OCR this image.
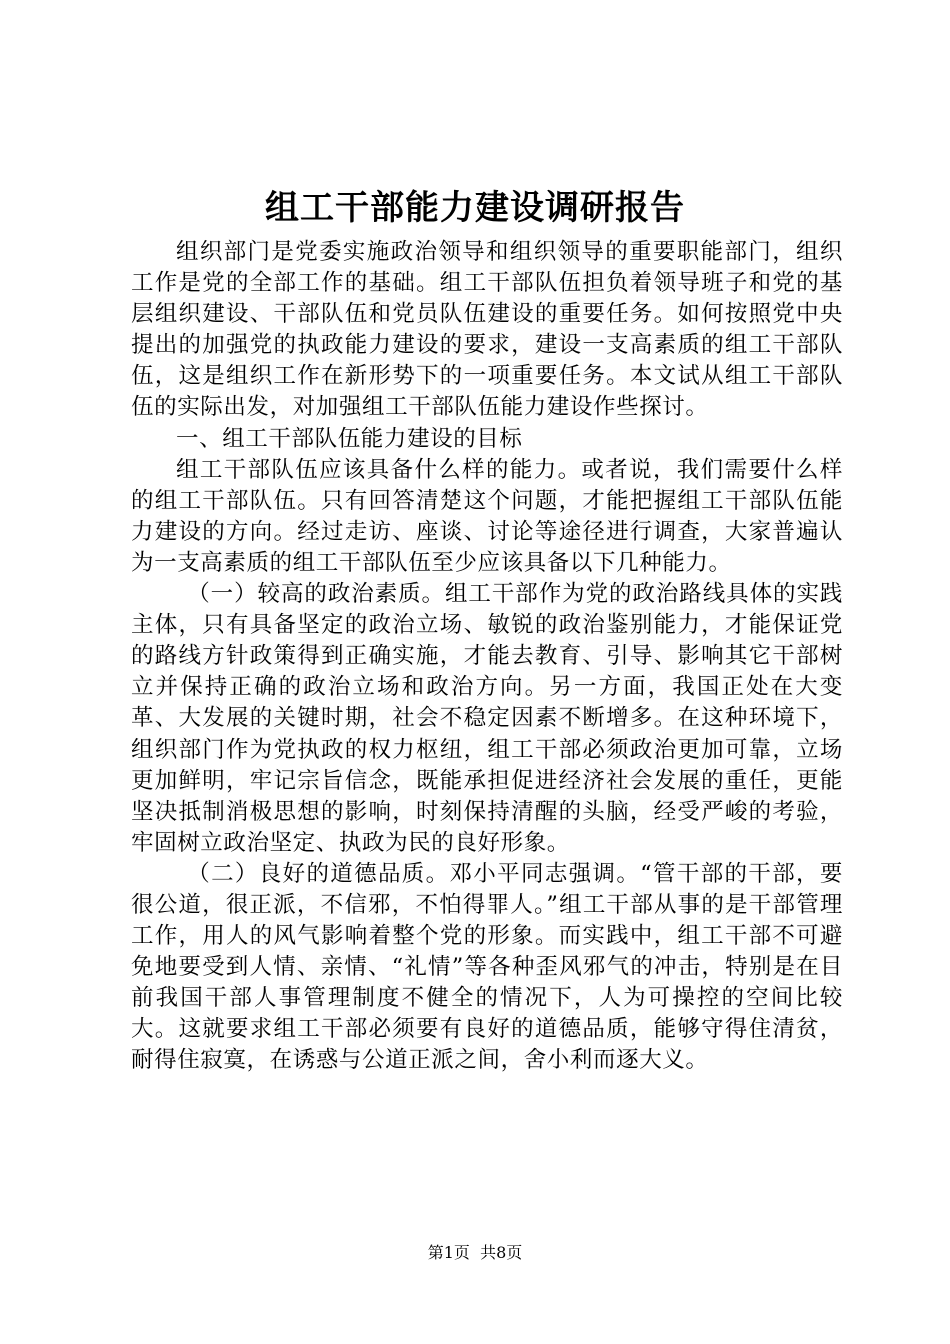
组工干部能力建设调研报告

组织部门是党委实施政治领导和组织领导的重要职能部门，组织工作是党的全部工作的基础。组工干部队伍担负着领导班子和党的基层组织建设、干部队伍和党员队伍建设的重要任务。如何按照党中央提出的加强党的执政能力建设的要求，建设一支高素质的组工干部队伍，这是组织工作在新形势下的一项重要任务。本文试从组工干部队伍的实际出发，对加强组工干部队伍能力建设作些探讨。

一、组工干部队伍能力建设的目标

组工干部队伍应该具备什么样的能力。或者说，我们需要什么样的组工干部队伍。只有回答清楚这个问题，才能把握组工干部队伍能力建设的方向。经过走访、座谈、讨论等途径进行调查，大家普遍认为一支高素质的组工干部队伍至少应该具备以下几种能力。

（一）较高的政治素质。组工干部作为党的政治路线具体的实践主体，只有具备坚定的政治立场、敏锐的政治鉴别能力，才能保证党的路线方针政策得到正确实施，才能去教育、引导、影响其它干部树立并保持正确的政治立场和政治方向。另一方面，我国正处在大变革、大发展的关键时期，社会不稳定因素不断增多。在这种环境下，组织部门作为党执政的权力枢纽，组工干部必须政治更加可靠，立场更加鲜明，牢记宗旨信念，既能承担促进经济社会发展的重任，更能坚决抵制消极思想的影响，时刻保持清醒的头脑，经受严峻的考验，牢固树立政治坚定、执政为民的良好形象。

（二）良好的道德品质。邓小平同志强调。“管干部的干部，要很公道，很正派，不信邪，不怕得罪人。”组工干部从事的是干部管理工作，用人的风气影响着整个党的形象。而实践中，组工干部不可避免地要受到人情、亲情、“礼情”等各种歪风邪气的冲击，特别是在目前我国干部人事管理制度不健全的情况下，人为可操控的空间比较大。这就要求组工干部必须要有良好的道德品质，能够守得住清贫，耐得住寂寞，在诱惑与公道正派之间，舍小利而逐大义。

第1页  共8页
